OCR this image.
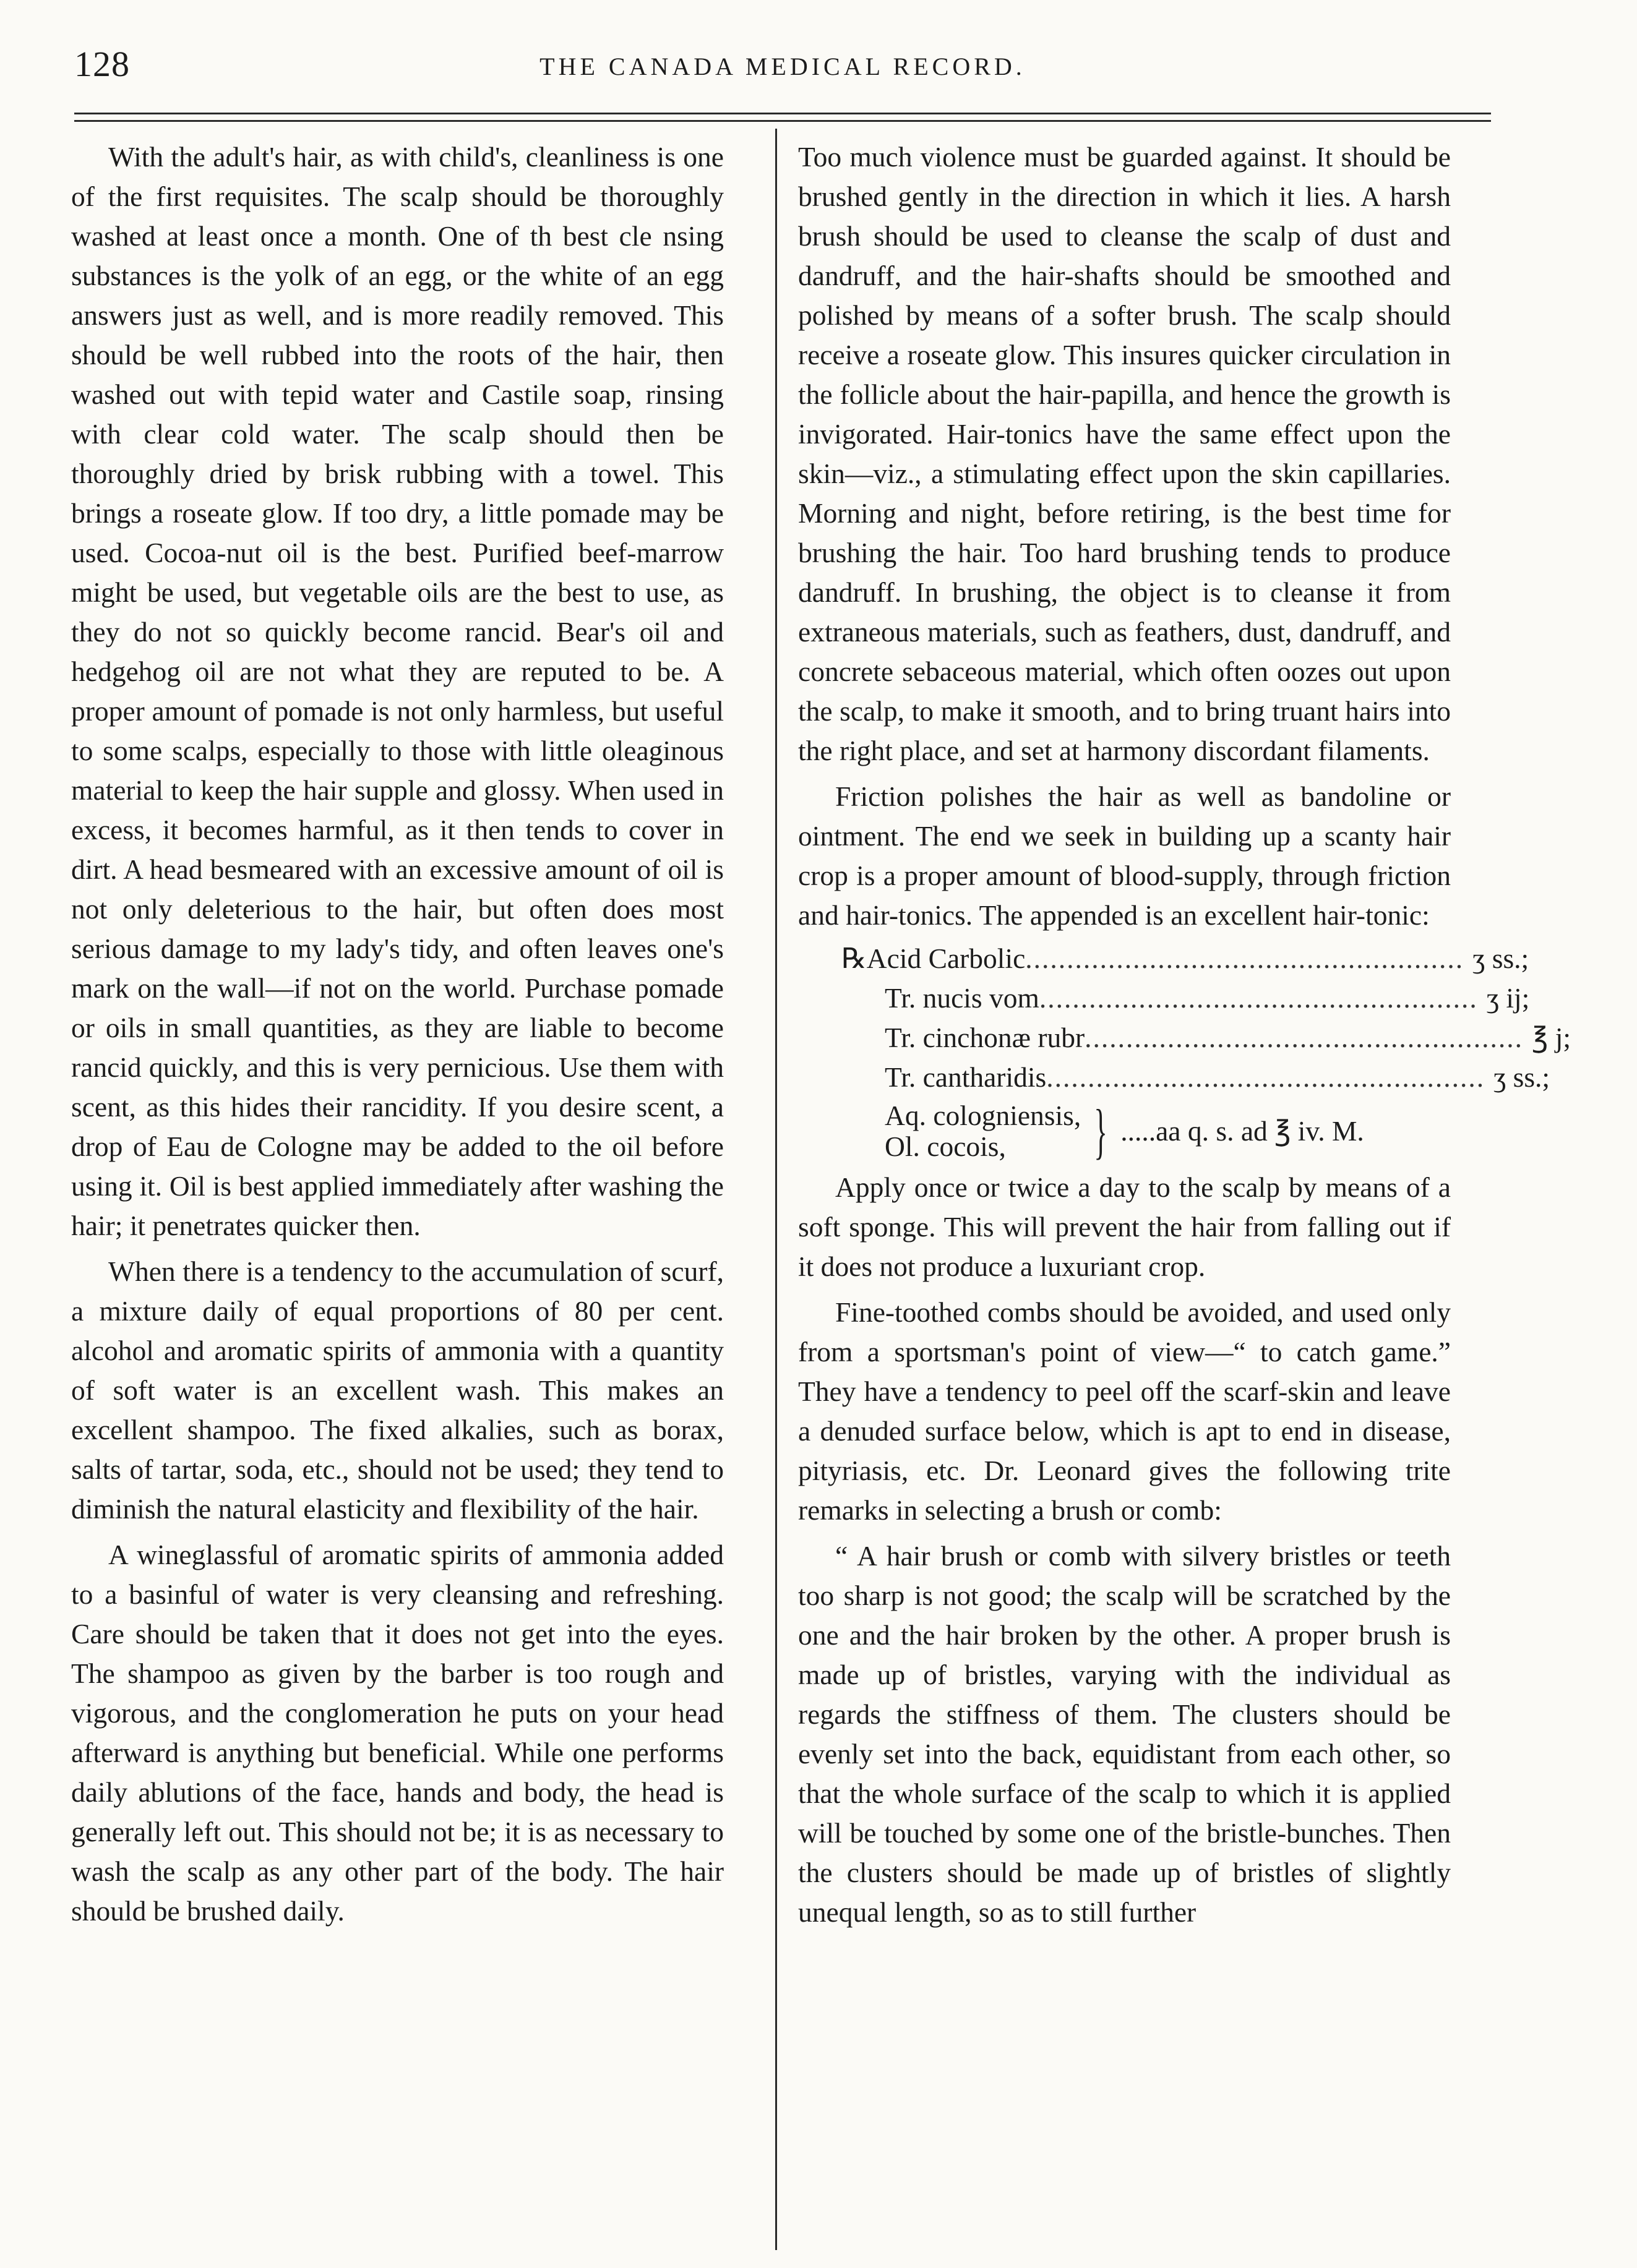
128	THE CANADA MEDICAL RECORD.

With the adult's hair, as with child's, cleanliness is one of the first requisites. The scalp should be thoroughly washed at least once a month. One of th best cle nsing substances is the yolk of an egg, or the white of an egg answers just as well, and is more readily removed. This should be well rubbed into the roots of the hair, then washed out with tepid water and Castile soap, rinsing with clear cold water. The scalp should then be thoroughly dried by brisk rubbing with a towel. This brings a roseate glow. If too dry, a little pomade may be used. Cocoa-nut oil is the best. Purified beef-marrow might be used, but vegetable oils are the best to use, as they do not so quickly become rancid. Bear's oil and hedgehog oil are not what they are reputed to be. A proper amount of pomade is not only harmless, but useful to some scalps, especially to those with little oleaginous material to keep the hair supple and glossy. When used in excess, it becomes harmful, as it then tends to cover in dirt. A head besmeared with an excessive amount of oil is not only deleterious to the hair, but often does most serious damage to my lady's tidy, and often leaves one's mark on the wall—if not on the world. Purchase pomade or oils in small quantities, as they are liable to become rancid quickly, and this is very pernicious. Use them with scent, as this hides their rancidity. If you desire scent, a drop of Eau de Cologne may be added to the oil before using it. Oil is best applied immediately after washing the hair; it penetrates quicker then.

When there is a tendency to the accumulation of scurf, a mixture daily of equal proportions of 80 per cent. alcohol and aromatic spirits of ammonia with a quantity of soft water is an excellent wash. This makes an excellent shampoo. The fixed alkalies, such as borax, salts of tartar, soda, etc., should not be used; they tend to diminish the natural elasticity and flexibility of the hair.

A wineglassful of aromatic spirits of ammonia added to a basinful of water is very cleansing and refreshing. Care should be taken that it does not get into the eyes. The shampoo as given by the barber is too rough and vigorous, and the conglomeration he puts on your head afterward is anything but beneficial. While one performs daily ablutions of the face, hands and body, the head is generally left out. This should not be; it is as necessary to wash the scalp as any other part of the body. The hair should be brushed daily.

Too much violence must be guarded against. It should be brushed gently in the direction in which it lies. A harsh brush should be used to cleanse the scalp of dust and dandruff, and the hair-shafts should be smoothed and polished by means of a softer brush. The scalp should receive a roseate glow. This insures quicker circulation in the follicle about the hair-papilla, and hence the growth is invigorated. Hair-tonics have the same effect upon the skin—viz., a stimulating effect upon the skin capillaries. Morning and night, before retiring, is the best time for brushing the hair. Too hard brushing tends to produce dandruff. In brushing, the object is to cleanse it from extraneous materials, such as feathers, dust, dandruff, and concrete sebaceous material, which often oozes out upon the scalp, to make it smooth, and to bring truant hairs into the right place, and set at harmony discordant filaments.

Friction polishes the hair as well as bandoline or ointment. The end we seek in building up a scanty hair crop is a proper amount of blood-supply, through friction and hair-tonics. The appended is an excellent hair-tonic:

℞ Acid Carbolic ..................................................... ʒ ss.;
Tr. nucis vom ..................................................... ʒ ij;
Tr. cinchonæ rubr ..................................................... ℥ j;
Tr. cantharidis ..................................................... ʒ ss.;
Aq. cologniensis,
Ol. cocois,	} .....aa q. s. ad ℥ iv. M.

Apply once or twice a day to the scalp by means of a soft sponge. This will prevent the hair from falling out if it does not produce a luxuriant crop.

Fine-toothed combs should be avoided, and used only from a sportsman's point of view—“ to catch game.” They have a tendency to peel off the scarf-skin and leave a denuded surface below, which is apt to end in disease, pityriasis, etc. Dr. Leonard gives the following trite remarks in selecting a brush or comb:

“ A hair brush or comb with silvery bristles or teeth too sharp is not good; the scalp will be scratched by the one and the hair broken by the other. A proper brush is made up of bristles, varying with the individual as regards the stiffness of them. The clusters should be evenly set into the back, equidistant from each other, so that the whole surface of the scalp to which it is applied will be touched by some one of the bristle-bunches. Then the clusters should be made up of bristles of slightly unequal length, so as to still further
